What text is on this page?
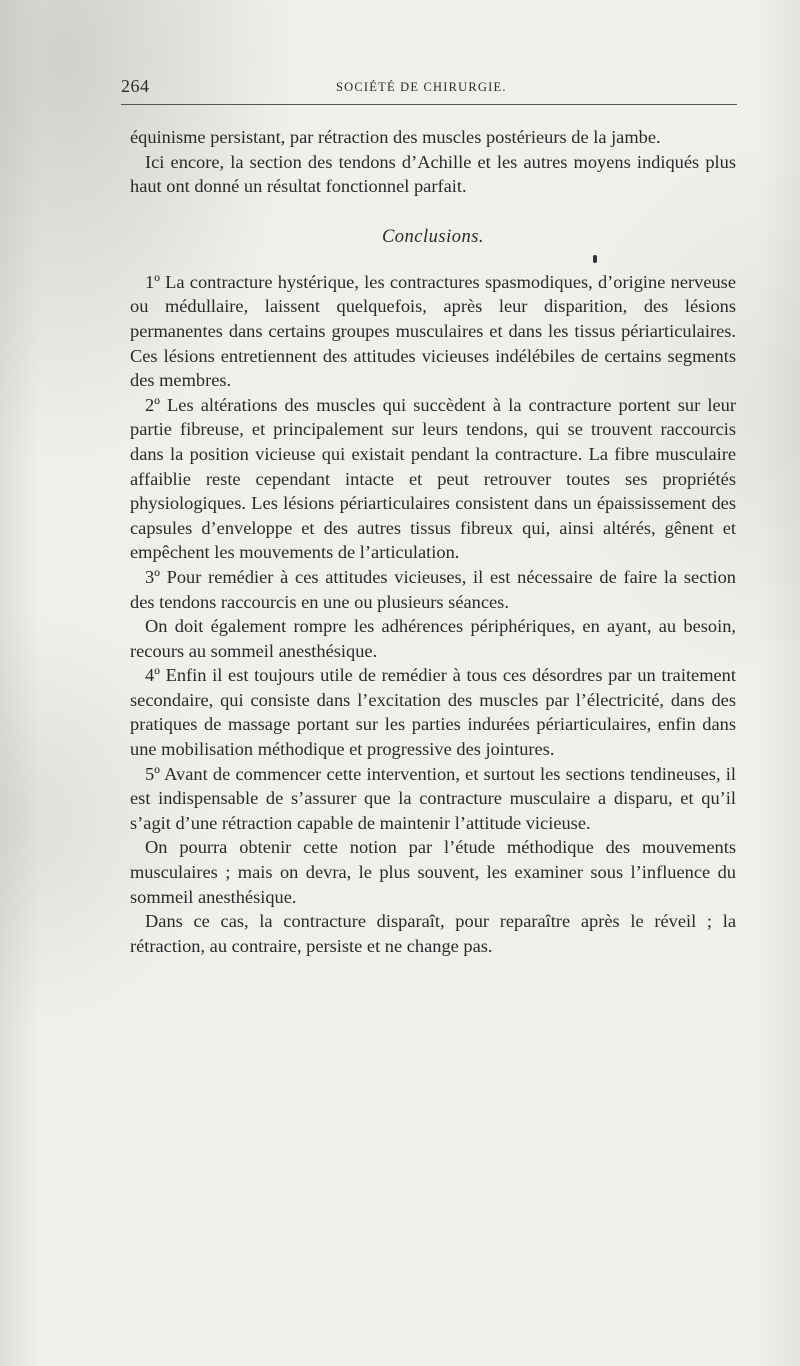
264	SOCIÉTÉ DE CHIRURGIE.

équinisme persistant, par rétraction des muscles postérieurs de la jambe.

Ici encore, la section des tendons d’Achille et les autres moyens indiqués plus haut ont donné un résultat fonctionnel parfait.

Conclusions.

1º La contracture hystérique, les contractures spasmodiques, d’origine nerveuse ou médullaire, laissent quelquefois, après leur disparition, des lésions permanentes dans certains groupes musculaires et dans les tissus périarticulaires. Ces lésions entretiennent des attitudes vicieuses indélébiles de certains segments des membres.

2º Les altérations des muscles qui succèdent à la contracture portent sur leur partie fibreuse, et principalement sur leurs tendons, qui se trouvent raccourcis dans la position vicieuse qui existait pendant la contracture. La fibre musculaire affaiblie reste cependant intacte et peut retrouver toutes ses propriétés physiologiques. Les lésions périarticulaires consistent dans un épaississement des capsules d’enveloppe et des autres tissus fibreux qui, ainsi altérés, gênent et empêchent les mouvements de l’articulation.

3º Pour remédier à ces attitudes vicieuses, il est nécessaire de faire la section des tendons raccourcis en une ou plusieurs séances.

On doit également rompre les adhérences périphériques, en ayant, au besoin, recours au sommeil anesthésique.

4º Enfin il est toujours utile de remédier à tous ces désordres par un traitement secondaire, qui consiste dans l’excitation des muscles par l’électricité, dans des pratiques de massage portant sur les parties indurées périarticulaires, enfin dans une mobilisation méthodique et progressive des jointures.

5º Avant de commencer cette intervention, et surtout les sections tendineuses, il est indispensable de s’assurer que la contracture musculaire a disparu, et qu’il s’agit d’une rétraction capable de maintenir l’attitude vicieuse.

On pourra obtenir cette notion par l’étude méthodique des mouvements musculaires ; mais on devra, le plus souvent, les examiner sous l’influence du sommeil anesthésique.

Dans ce cas, la contracture disparaît, pour reparaître après le réveil ; la rétraction, au contraire, persiste et ne change pas.
